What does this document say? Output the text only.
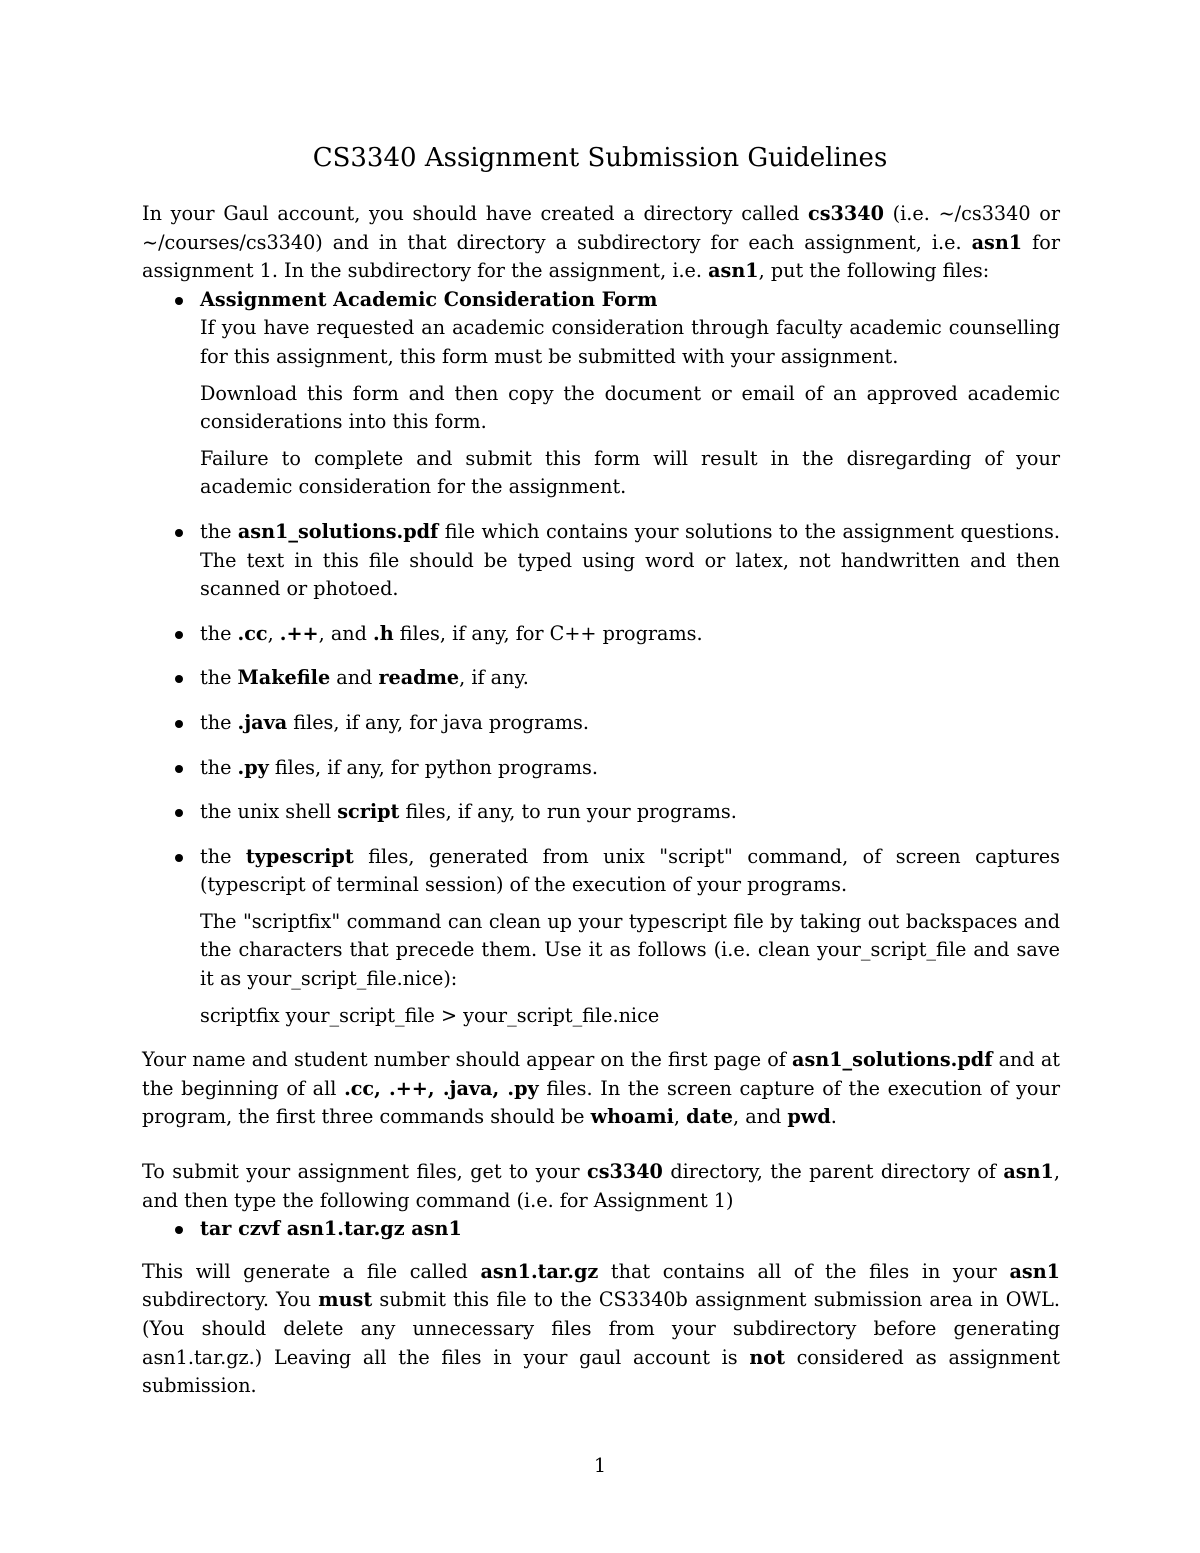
CS3340 Assignment Submission Guidelines

In your Gaul account, you should have created a directory called cs3340 (i.e. ~/cs3340 or ~/courses/cs3340) and in that directory a subdirectory for each assignment, i.e. asn1 for assignment 1. In the subdirectory for the assignment, i.e. asn1, put the following files:

Assignment Academic Consideration Form

If you have requested an academic consideration through faculty academic counselling for this assignment, this form must be submitted with your assignment.

Download this form and then copy the document or email of an approved academic considerations into this form.

Failure to complete and submit this form will result in the disregarding of your academic consideration for the assignment.

the asn1_solutions.pdf file which contains your solutions to the assignment questions. The text in this file should be typed using word or latex, not handwritten and then scanned or photoed.

the .cc, .++, and .h files, if any, for C++ programs.

the Makefile and readme, if any.

the .java files, if any, for java programs.

the .py files, if any, for python programs.

the unix shell script files, if any, to run your programs.

the typescript files, generated from unix "script" command, of screen captures (typescript of terminal session) of the execution of your programs.

The "scriptfix" command can clean up your typescript file by taking out backspaces and the characters that precede them. Use it as follows (i.e. clean your_script_file and save it as your_script_file.nice):

scriptfix your_script_file > your_script_file.nice

Your name and student number should appear on the first page of asn1_solutions.pdf and at the beginning of all .cc, .++, .java, .py files. In the screen capture of the execution of your program, the first three commands should be whoami, date, and pwd.

To submit your assignment files, get to your cs3340 directory, the parent directory of asn1, and then type the following command (i.e. for Assignment 1)

tar czvf asn1.tar.gz asn1

This will generate a file called asn1.tar.gz that contains all of the files in your asn1 subdirectory. You must submit this file to the CS3340b assignment submission area in OWL. (You should delete any unnecessary files from your subdirectory before generating asn1.tar.gz.) Leaving all the files in your gaul account is not considered as assignment submission.

1
